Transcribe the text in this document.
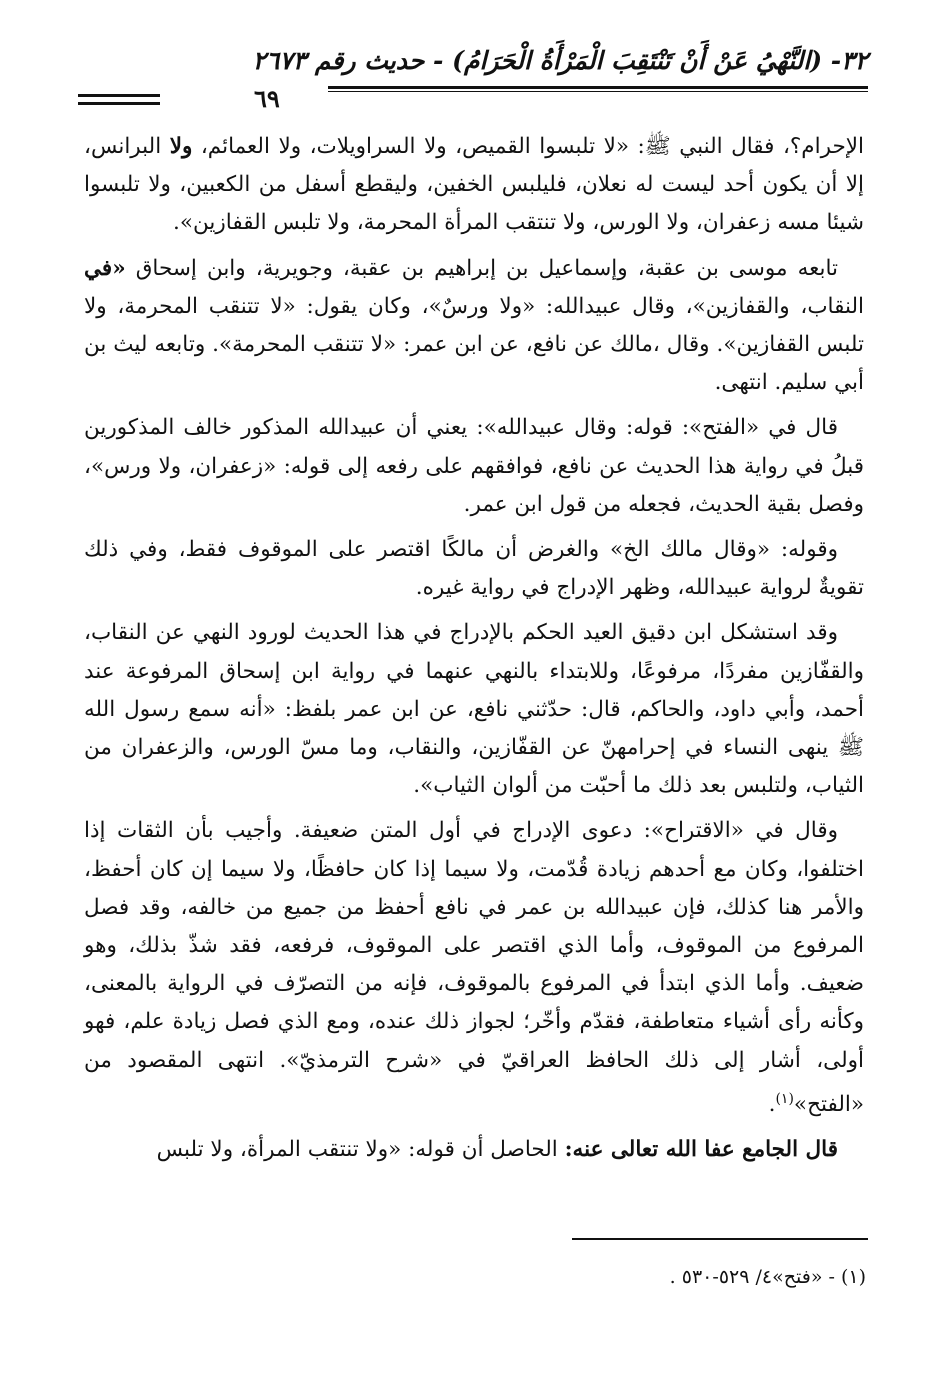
٣٢- (النَّهْيُ عَنْ أَنْ تَنْتَقِبَ الْمَرْأَةُ الْحَرَامُ) - حديث رقم ٢٦٧٣
٦٩

الإحرام؟، فقال النبي ﷺ: «لا تلبسوا القميص، ولا السراويلات، ولا العمائم، ولا البرانس، إلا أن يكون أحد ليست له نعلان، فليلبس الخفين، وليقطع أسفل من الكعبين، ولا تلبسوا شيئا مسه زعفران، ولا الورس، ولا تنتقب المرأة المحرمة، ولا تلبس القفازين».

تابعه موسى بن عقبة، وإسماعيل بن إبراهيم بن عقبة، وجويرية، وابن إسحاق «في النقاب، والقفازين»، وقال عبيدالله: «ولا ورسٌ»، وكان يقول: «لا تتنقب المحرمة، ولا تلبس القفازين». وقال ،مالك عن نافع، عن ابن عمر: «لا تتنقب المحرمة». وتابعه ليث بن أبي سليم. انتهى.

قال في «الفتح»: قوله: وقال عبيدالله»: يعني أن عبيدالله المذكور خالف المذكورين قبلُ في رواية هذا الحديث عن نافع، فوافقهم على رفعه إلى قوله: «زعفران، ولا ورس»، وفصل بقية الحديث، فجعله من قول ابن عمر.

وقوله: «وقال مالك الخ» والغرض أن مالكًا اقتصر على الموقوف فقط، وفي ذلك تقويةٌ لرواية عبيدالله، وظهر الإدراج في رواية غيره.

وقد استشكل ابن دقيق العيد الحكم بالإدراج في هذا الحديث لورود النهي عن النقاب، والقفّازين مفردًا، مرفوعًا، وللابتداء بالنهي عنهما في رواية ابن إسحاق المرفوعة عند أحمد، وأبي داود، والحاكم، قال: حدّثني نافع، عن ابن عمر بلفظ: «أنه سمع رسول الله ﷺ ينهى النساء في إحرامهنّ عن القفّازين، والنقاب، وما مسّ الورس، والزعفران من الثياب، ولتلبس بعد ذلك ما أحبّت من ألوان الثياب».

وقال في «الاقتراح»: دعوى الإدراج في أول المتن ضعيفة. وأجيب بأن الثقات إذا اختلفوا، وكان مع أحدهم زيادة قُدّمت، ولا سيما إذا كان حافظًا، ولا سيما إن كان أحفظ، والأمر هنا كذلك، فإن عبيدالله بن عمر في نافع أحفظ من جميع من خالفه، وقد فصل المرفوع من الموقوف، وأما الذي اقتصر على الموقوف، فرفعه، فقد شذّ بذلك، وهو ضعيف. وأما الذي ابتدأ في المرفوع بالموقوف، فإنه من التصرّف في الرواية بالمعنى، وكأنه رأى أشياء متعاطفة، فقدّم وأخّر؛ لجواز ذلك عنده، ومع الذي فصل زيادة علم، فهو أولى، أشار إلى ذلك الحافظ العراقيّ في «شرح الترمذيّ». انتهى المقصود من «الفتح»$^{(١)}$.

قال الجامع عفا الله تعالى عنه: الحاصل أن قوله: «ولا تنتقب المرأة، ولا تلبس

(١) - «فتح»٤/ ٥٢٩-٥٣٠ .
